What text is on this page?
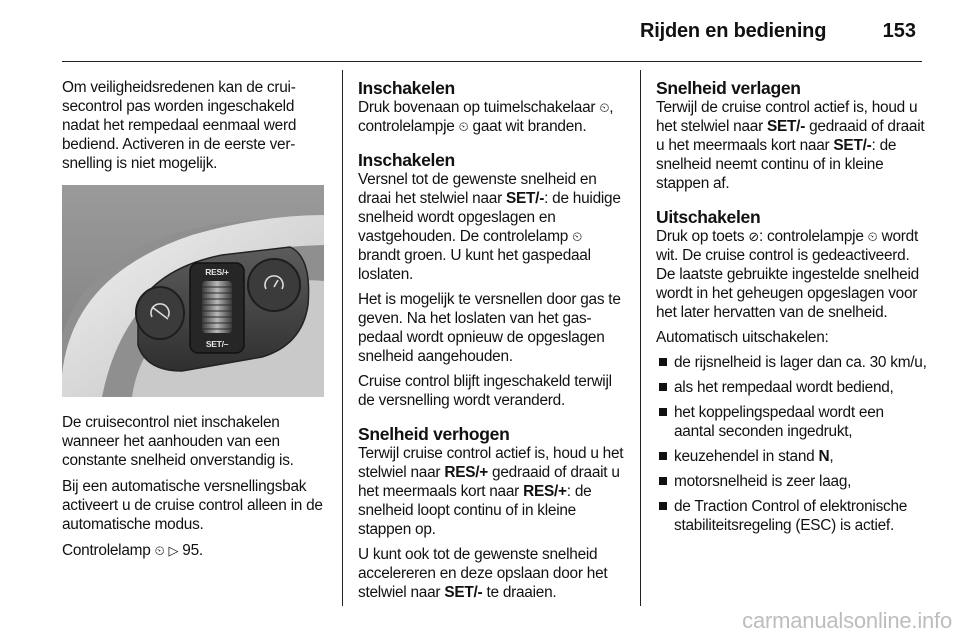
Rijden en bediening	153

Om veiligheidsredenen kan de cruisecontrol pas worden ingeschakeld nadat het rempedaal eenmaal werd bediend. Activeren in de eerste versnelling is niet mogelijk.

RES/+
SET/–

De cruisecontrol niet inschakelen wanneer het aanhouden van een constante snelheid onverstandig is.

Bij een automatische versnellingsbak activeert u de cruise control alleen in de automatische modus.

Controlelamp ⏲ ▷ 95.

Inschakelen

Druk bovenaan op tuimelschakelaar ⏲, controlelampje ⏲ gaat wit branden.

Inschakelen

Versnel tot de gewenste snelheid en draai het stelwiel naar SET/-: de huidige snelheid wordt opgeslagen en vastgehouden. De controlelamp ⏲ brandt groen. U kunt het gaspedaal loslaten.

Het is mogelijk te versnellen door gas te geven. Na het loslaten van het gaspedaal wordt opnieuw de opgeslagen snelheid aangehouden.

Cruise control blijft ingeschakeld terwijl de versnelling wordt veranderd.

Snelheid verhogen

Terwijl cruise control actief is, houd u het stelwiel naar RES/+ gedraaid of draait u het meermaals kort naar RES/+: de snelheid loopt continu of in kleine stappen op.

U kunt ook tot de gewenste snelheid accelereren en deze opslaan door het stelwiel naar SET/- te draaien.

Snelheid verlagen

Terwijl de cruise control actief is, houd u het stelwiel naar SET/- gedraaid of draait u het meermaals kort naar SET/-: de snelheid neemt continu of in kleine stappen af.

Uitschakelen

Druk op toets ⊘: controlelampje ⏲ wordt wit. De cruise control is gedeactiveerd. De laatste gebruikte ingestelde snelheid wordt in het geheugen opgeslagen voor het later hervatten van de snelheid.

Automatisch uitschakelen:

de rijsnelheid is lager dan ca. 30 km/u,
als het rempedaal wordt bediend,
het koppelingspedaal wordt een aantal seconden ingedrukt,
keuzehendel in stand N,
motorsnelheid is zeer laag,
de Traction Control of elektronische stabiliteitsregeling (ESC) is actief.
carmanualsonline.info
